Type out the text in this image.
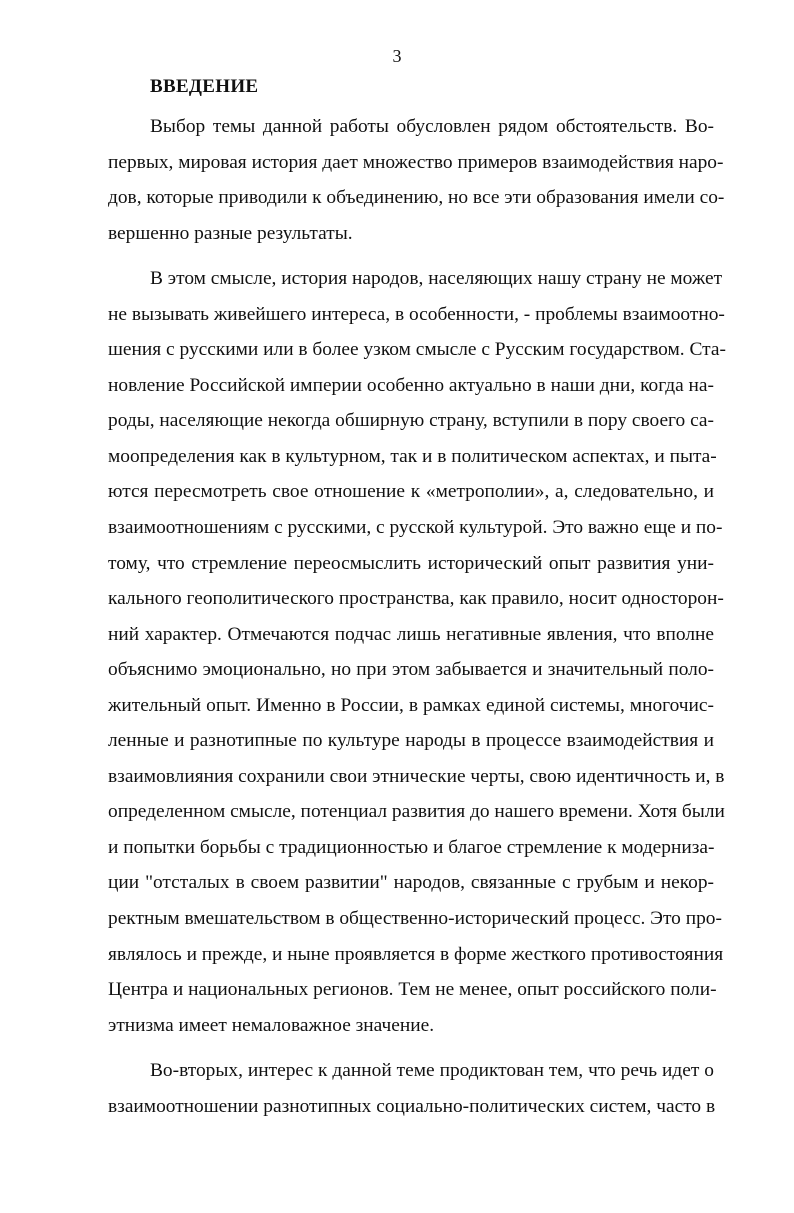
3
ВВЕДЕНИЕ
Выбор темы данной работы обусловлен рядом обстоятельств. Во-
первых, мировая история дает множество примеров взаимодействия наро-
дов, которые приводили к объединению, но все эти образования имели со-
вершенно разные результаты.
В этом смысле, история народов, населяющих нашу страну не может
не вызывать живейшего интереса, в особенности, - проблемы взаимоотно-
шения с русскими или в более узком смысле с Русским государством. Ста-
новление Российской империи особенно актуально в наши дни, когда на-
роды, населяющие некогда обширную страну, вступили в пору своего са-
моопределения как в культурном, так и в политическом аспектах, и пыта-
ются пересмотреть свое отношение к «метрополии», а, следовательно, и
взаимоотношениям с русскими, с русской культурой. Это важно еще и по-
тому, что стремление переосмыслить исторический опыт развития уни-
кального геополитического пространства, как правило, носит односторон-
ний характер. Отмечаются подчас лишь негативные явления, что вполне
объяснимо эмоционально, но при этом забывается и значительный поло-
жительный опыт. Именно в России, в рамках единой системы, многочис-
ленные и разнотипные по культуре народы в процессе взаимодействия и
взаимовлияния сохранили свои этнические черты, свою идентичность и, в
определенном смысле, потенциал развития до нашего времени. Хотя были
и попытки борьбы с традиционностью и благое стремление к модерниза-
ции "отсталых в своем развитии" народов, связанные с грубым и некор-
ректным вмешательством в общественно-исторический процесс. Это про-
являлось и прежде, и ныне проявляется в форме жесткого противостояния
Центра и национальных регионов. Тем не менее, опыт российского поли-
этнизма имеет немаловажное значение.
Во-вторых, интерес к данной теме продиктован тем, что речь идет о
взаимоотношении разнотипных социально-политических систем, часто в
